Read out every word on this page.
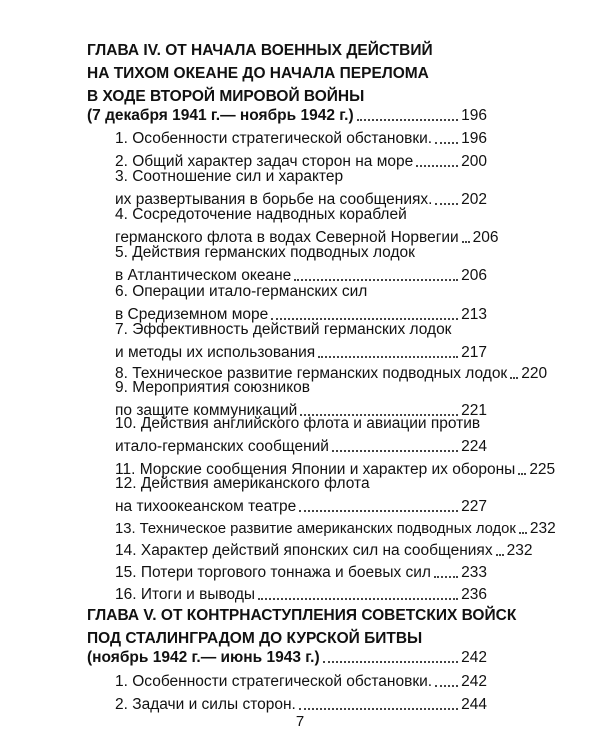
ГЛАВА IV. ОТ НАЧАЛА ВОЕННЫХ ДЕЙСТВИЙ
НА ТИХОМ ОКЕАНЕ ДО НАЧАЛА ПЕРЕЛОМА
В ХОДЕ ВТОРОЙ МИРОВОЙ ВОЙНЫ
(7 декабря 1941 г.— ноябрь 1942 г.)	196
1. Особенности стратегической обстановки. 196
2. Общий характер задач сторон на море	200
3. Соотношение сил и характер
их развертывания в борьбе на сообщениях. 202
4. Сосредоточение надводных кораблей
германского флота в водах Северной Норвегии 206
5. Действия германских подводных лодок
в Атлантическом океане	206
6. Операции итало-германских сил
в Средиземном море	213
7. Эффективность действий германских лодок
и методы их использования	217
8. Техническое развитие германских подводных лодок 220
9. Мероприятия союзников
по защите коммуникаций	221
10. Действия английского флота и авиации против
итало-германских сообщений	224
11. Морские сообщения Японии и характер их обороны 225
12. Действия американского флота
на тихоокеанском театре	227
13. Техническое развитие американских подводных лодок 232
14. Характер действий японских сил на сообщениях 232
15. Потери торгового тоннажа и боевых сил 233
16. Итоги и выводы	236
ГЛАВА V. ОТ КОНТРНАСТУПЛЕНИЯ СОВЕТСКИХ ВОЙСК
ПОД СТАЛИНГРАДОМ ДО КУРСКОЙ БИТВЫ
(ноябрь 1942 г.— июнь 1943 г.)	242
1. Особенности стратегической обстановки. 242
2. Задачи и силы сторон.	244
7
